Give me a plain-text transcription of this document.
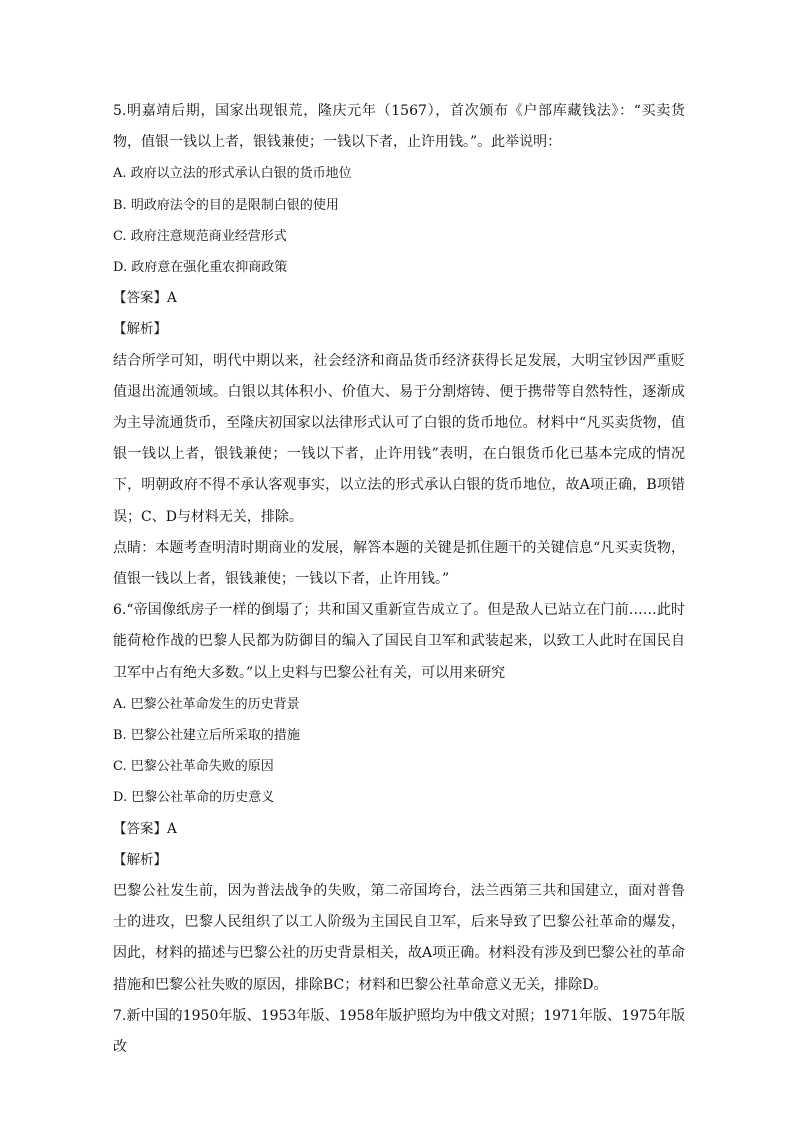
5.明嘉靖后期，国家出现银荒，隆庆元年（1567），首次颁布《户部库藏钱法》：“买卖货物，值银一钱以上者，银钱兼使；一钱以下者，止许用钱。”。此举说明：

A. 政府以立法的形式承认白银的货币地位

B. 明政府法令的目的是限制白银的使用

C. 政府注意规范商业经营形式

D. 政府意在强化重农抑商政策

【答案】A

【解析】

结合所学可知，明代中期以来，社会经济和商品货币经济获得长足发展，大明宝钞因严重贬值退出流通领域。白银以其体积小、价值大、易于分割熔铸、便于携带等自然特性，逐渐成为主导流通货币，至隆庆初国家以法律形式认可了白银的货币地位。材料中“凡买卖货物，值银一钱以上者，银钱兼使；一钱以下者，止许用钱”表明，在白银货币化已基本完成的情况下，明朝政府不得不承认客观事实，以立法的形式承认白银的货币地位，故A项正确，B项错误；C、D与材料无关，排除。

点睛：本题考查明清时期商业的发展，解答本题的关键是抓住题干的关键信息“凡买卖货物，值银一钱以上者，银钱兼使；一钱以下者，止许用钱。”

6.“帝国像纸房子一样的倒塌了；共和国又重新宣告成立了。但是敌人已站立在门前……此时能荷枪作战的巴黎人民都为防御目的编入了国民自卫军和武装起来，以致工人此时在国民自卫军中占有绝大多数。”以上史料与巴黎公社有关，可以用来研究

A. 巴黎公社革命发生的历史背景

B. 巴黎公社建立后所采取的措施

C. 巴黎公社革命失败的原因

D. 巴黎公社革命的历史意义

【答案】A

【解析】

巴黎公社发生前，因为普法战争的失败，第二帝国垮台，法兰西第三共和国建立，面对普鲁士的进攻，巴黎人民组织了以工人阶级为主国民自卫军，后来导致了巴黎公社革命的爆发，因此，材料的描述与巴黎公社的历史背景相关，故A项正确。材料没有涉及到巴黎公社的革命措施和巴黎公社失败的原因，排除BC；材料和巴黎公社革命意义无关，排除D。

7.新中国的1950年版、1953年版、1958年版护照均为中俄文对照；1971年版、1975年版改
